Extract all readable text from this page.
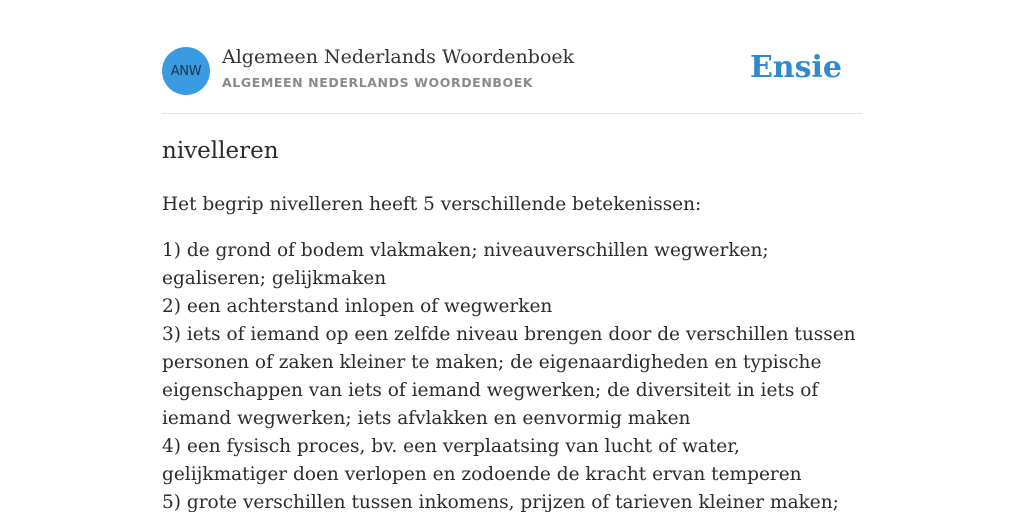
ANW
Algemeen Nederlands Woordenboek
ALGEMEEN NEDERLANDS WOORDENBOEK	Ensie
nivelleren

Het begrip nivelleren heeft 5 verschillende betekenissen:

1) de grond of bodem vlakmaken; niveauverschillen wegwerken; egaliseren; gelijkmaken
2) een achterstand inlopen of wegwerken
3) iets of iemand op een zelfde niveau brengen door de verschillen tussen personen of zaken kleiner te maken; de eigenaardigheden en typische eigenschappen van iets of iemand wegwerken; de diversiteit in iets of iemand wegwerken; iets afvlakken en eenvormig maken
4) een fysisch proces, bv. een verplaatsing van lucht of water, gelijkmatiger doen verlopen en zodoende de kracht ervan temperen
5) grote verschillen tussen inkomens, prijzen of tarieven kleiner maken;
